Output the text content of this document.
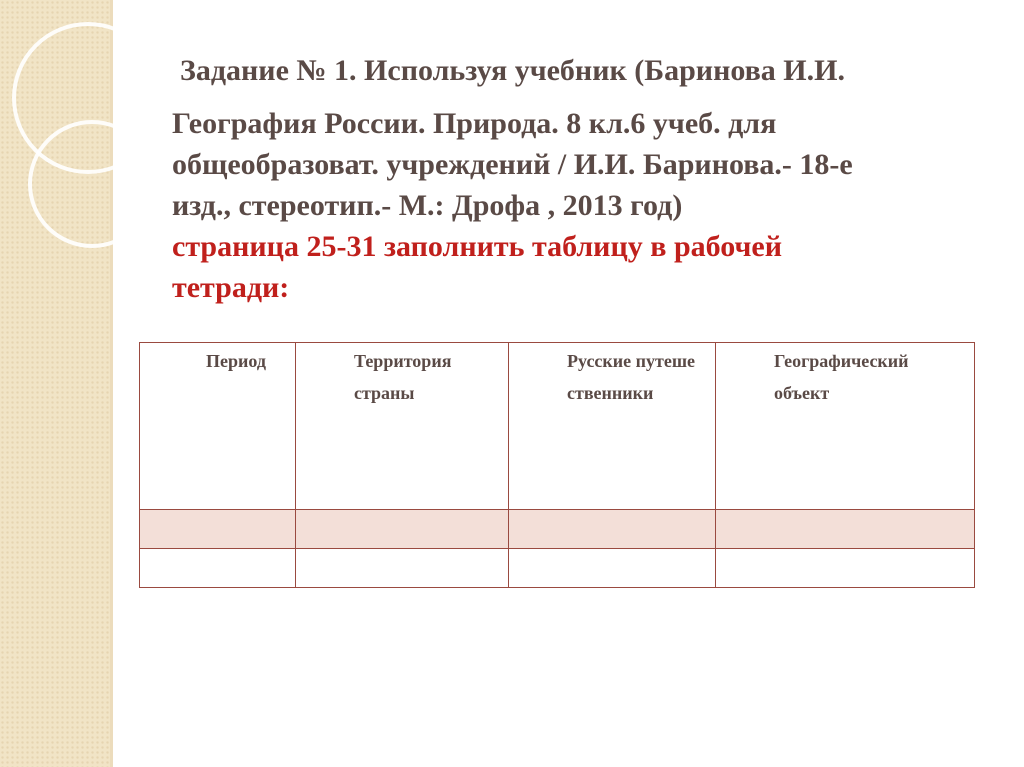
Задание № 1. Используя учебник (Баринова И.И.
География России. Природа. 8 кл.6 учеб. для
общеобразоват. учреждений / И.И. Баринова.- 18-е
изд., стереотип.- М.: Дрофа , 2013 год)
страница 25-31 заполнить таблицу в рабочей
тетради:
Период	Территория страны	Русские путешественники	Географический объект
